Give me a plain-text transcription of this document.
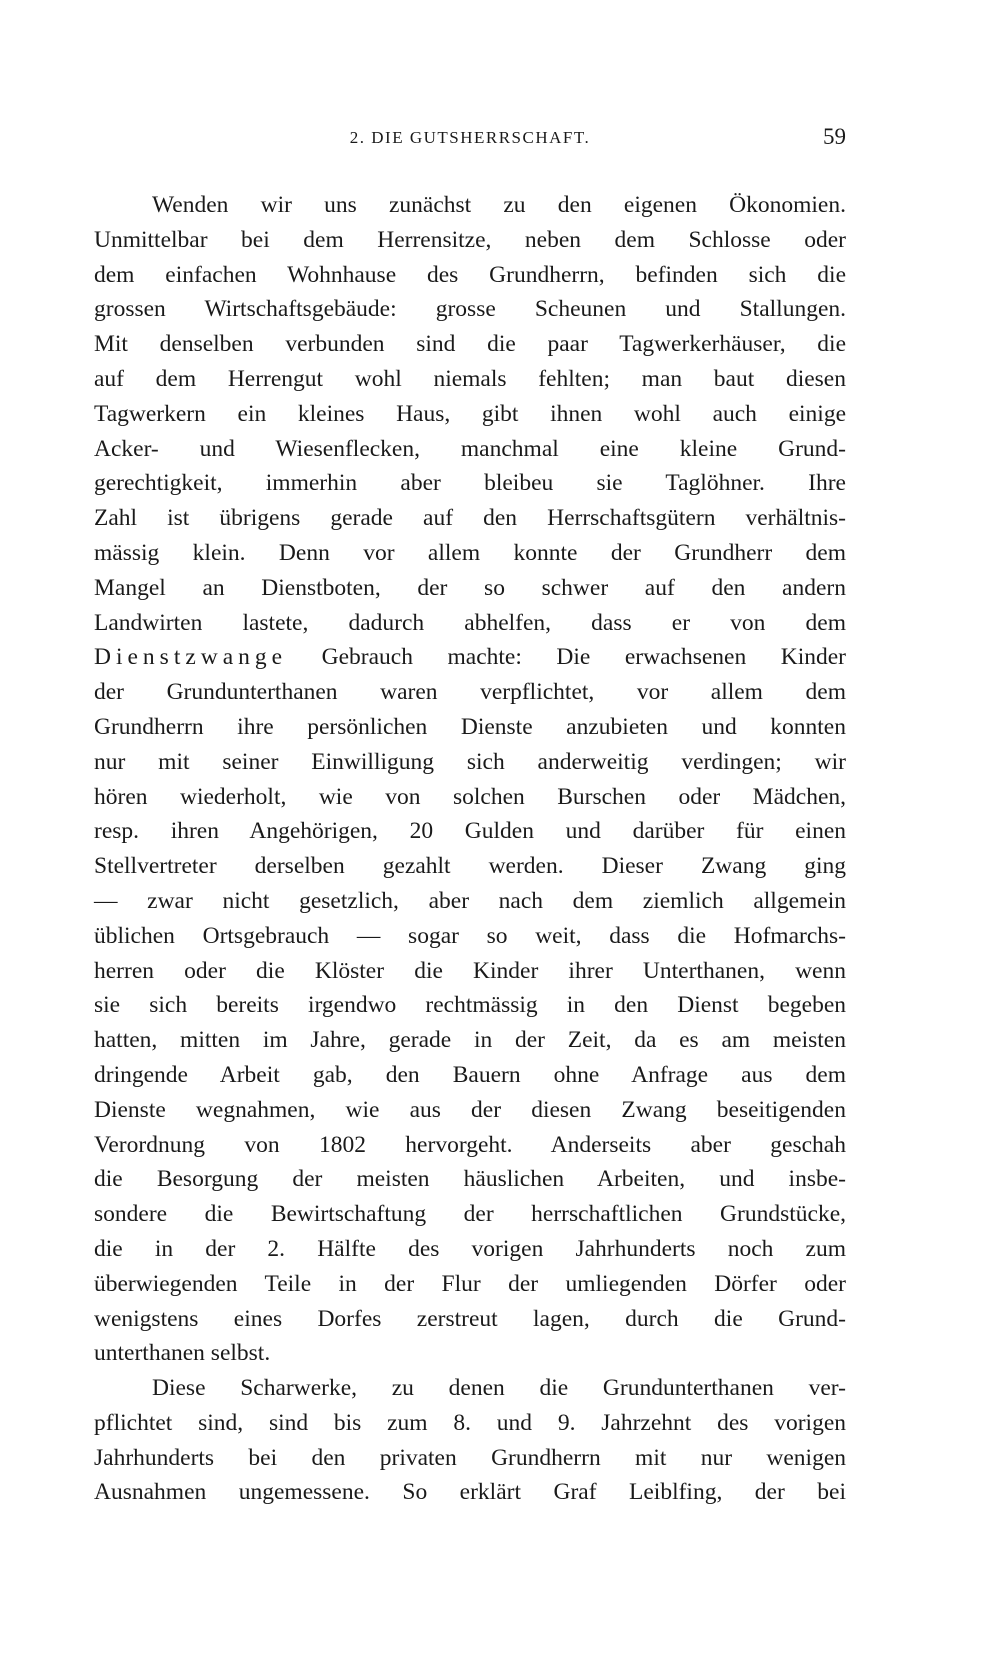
2. DIE GUTSHERRSCHAFT.	59
Wenden wir uns zunächst zu den eigenen Ökonomien.
Unmittelbar bei dem Herrensitze, neben dem Schlosse oder
dem einfachen Wohnhause des Grundherrn, befinden sich die
grossen Wirtschaftsgebäude: grosse Scheunen und Stallungen.
Mit denselben verbunden sind die paar Tagwerkerhäuser, die
auf dem Herrengut wohl niemals fehlten; man baut diesen
Tagwerkern ein kleines Haus, gibt ihnen wohl auch einige
Acker- und Wiesenflecken, manchmal eine kleine Grund-
gerechtigkeit, immerhin aber bleibeu sie Taglöhner. Ihre
Zahl ist übrigens gerade auf den Herrschaftsgütern verhältnis-
mässig klein. Denn vor allem konnte der Grundherr dem
Mangel an Dienstboten, der so schwer auf den andern
Landwirten lastete, dadurch abhelfen, dass er von dem
Dienstzwange Gebrauch machte: Die erwachsenen Kinder
der Grundunterthanen waren verpflichtet, vor allem dem
Grundherrn ihre persönlichen Dienste anzubieten und konnten
nur mit seiner Einwilligung sich anderweitig verdingen; wir
hören wiederholt, wie von solchen Burschen oder Mädchen,
resp. ihren Angehörigen, 20 Gulden und darüber für einen
Stellvertreter derselben gezahlt werden. Dieser Zwang ging
— zwar nicht gesetzlich, aber nach dem ziemlich allgemein
üblichen Ortsgebrauch — sogar so weit, dass die Hofmarchs-
herren oder die Klöster die Kinder ihrer Unterthanen, wenn
sie sich bereits irgendwo rechtmässig in den Dienst begeben
hatten, mitten im Jahre, gerade in der Zeit, da es am meisten
dringende Arbeit gab, den Bauern ohne Anfrage aus dem
Dienste wegnahmen, wie aus der diesen Zwang beseitigenden
Verordnung von 1802 hervorgeht. Anderseits aber geschah
die Besorgung der meisten häuslichen Arbeiten, und insbe-
sondere die Bewirtschaftung der herrschaftlichen Grundstücke,
die in der 2. Hälfte des vorigen Jahrhunderts noch zum
überwiegenden Teile in der Flur der umliegenden Dörfer oder
wenigstens eines Dorfes zerstreut lagen, durch die Grund-
unterthanen selbst.
Diese Scharwerke, zu denen die Grundunterthanen ver-
pflichtet sind, sind bis zum 8. und 9. Jahrzehnt des vorigen
Jahrhunderts bei den privaten Grundherrn mit nur wenigen
Ausnahmen ungemessene. So erklärt Graf Leiblfing, der bei
